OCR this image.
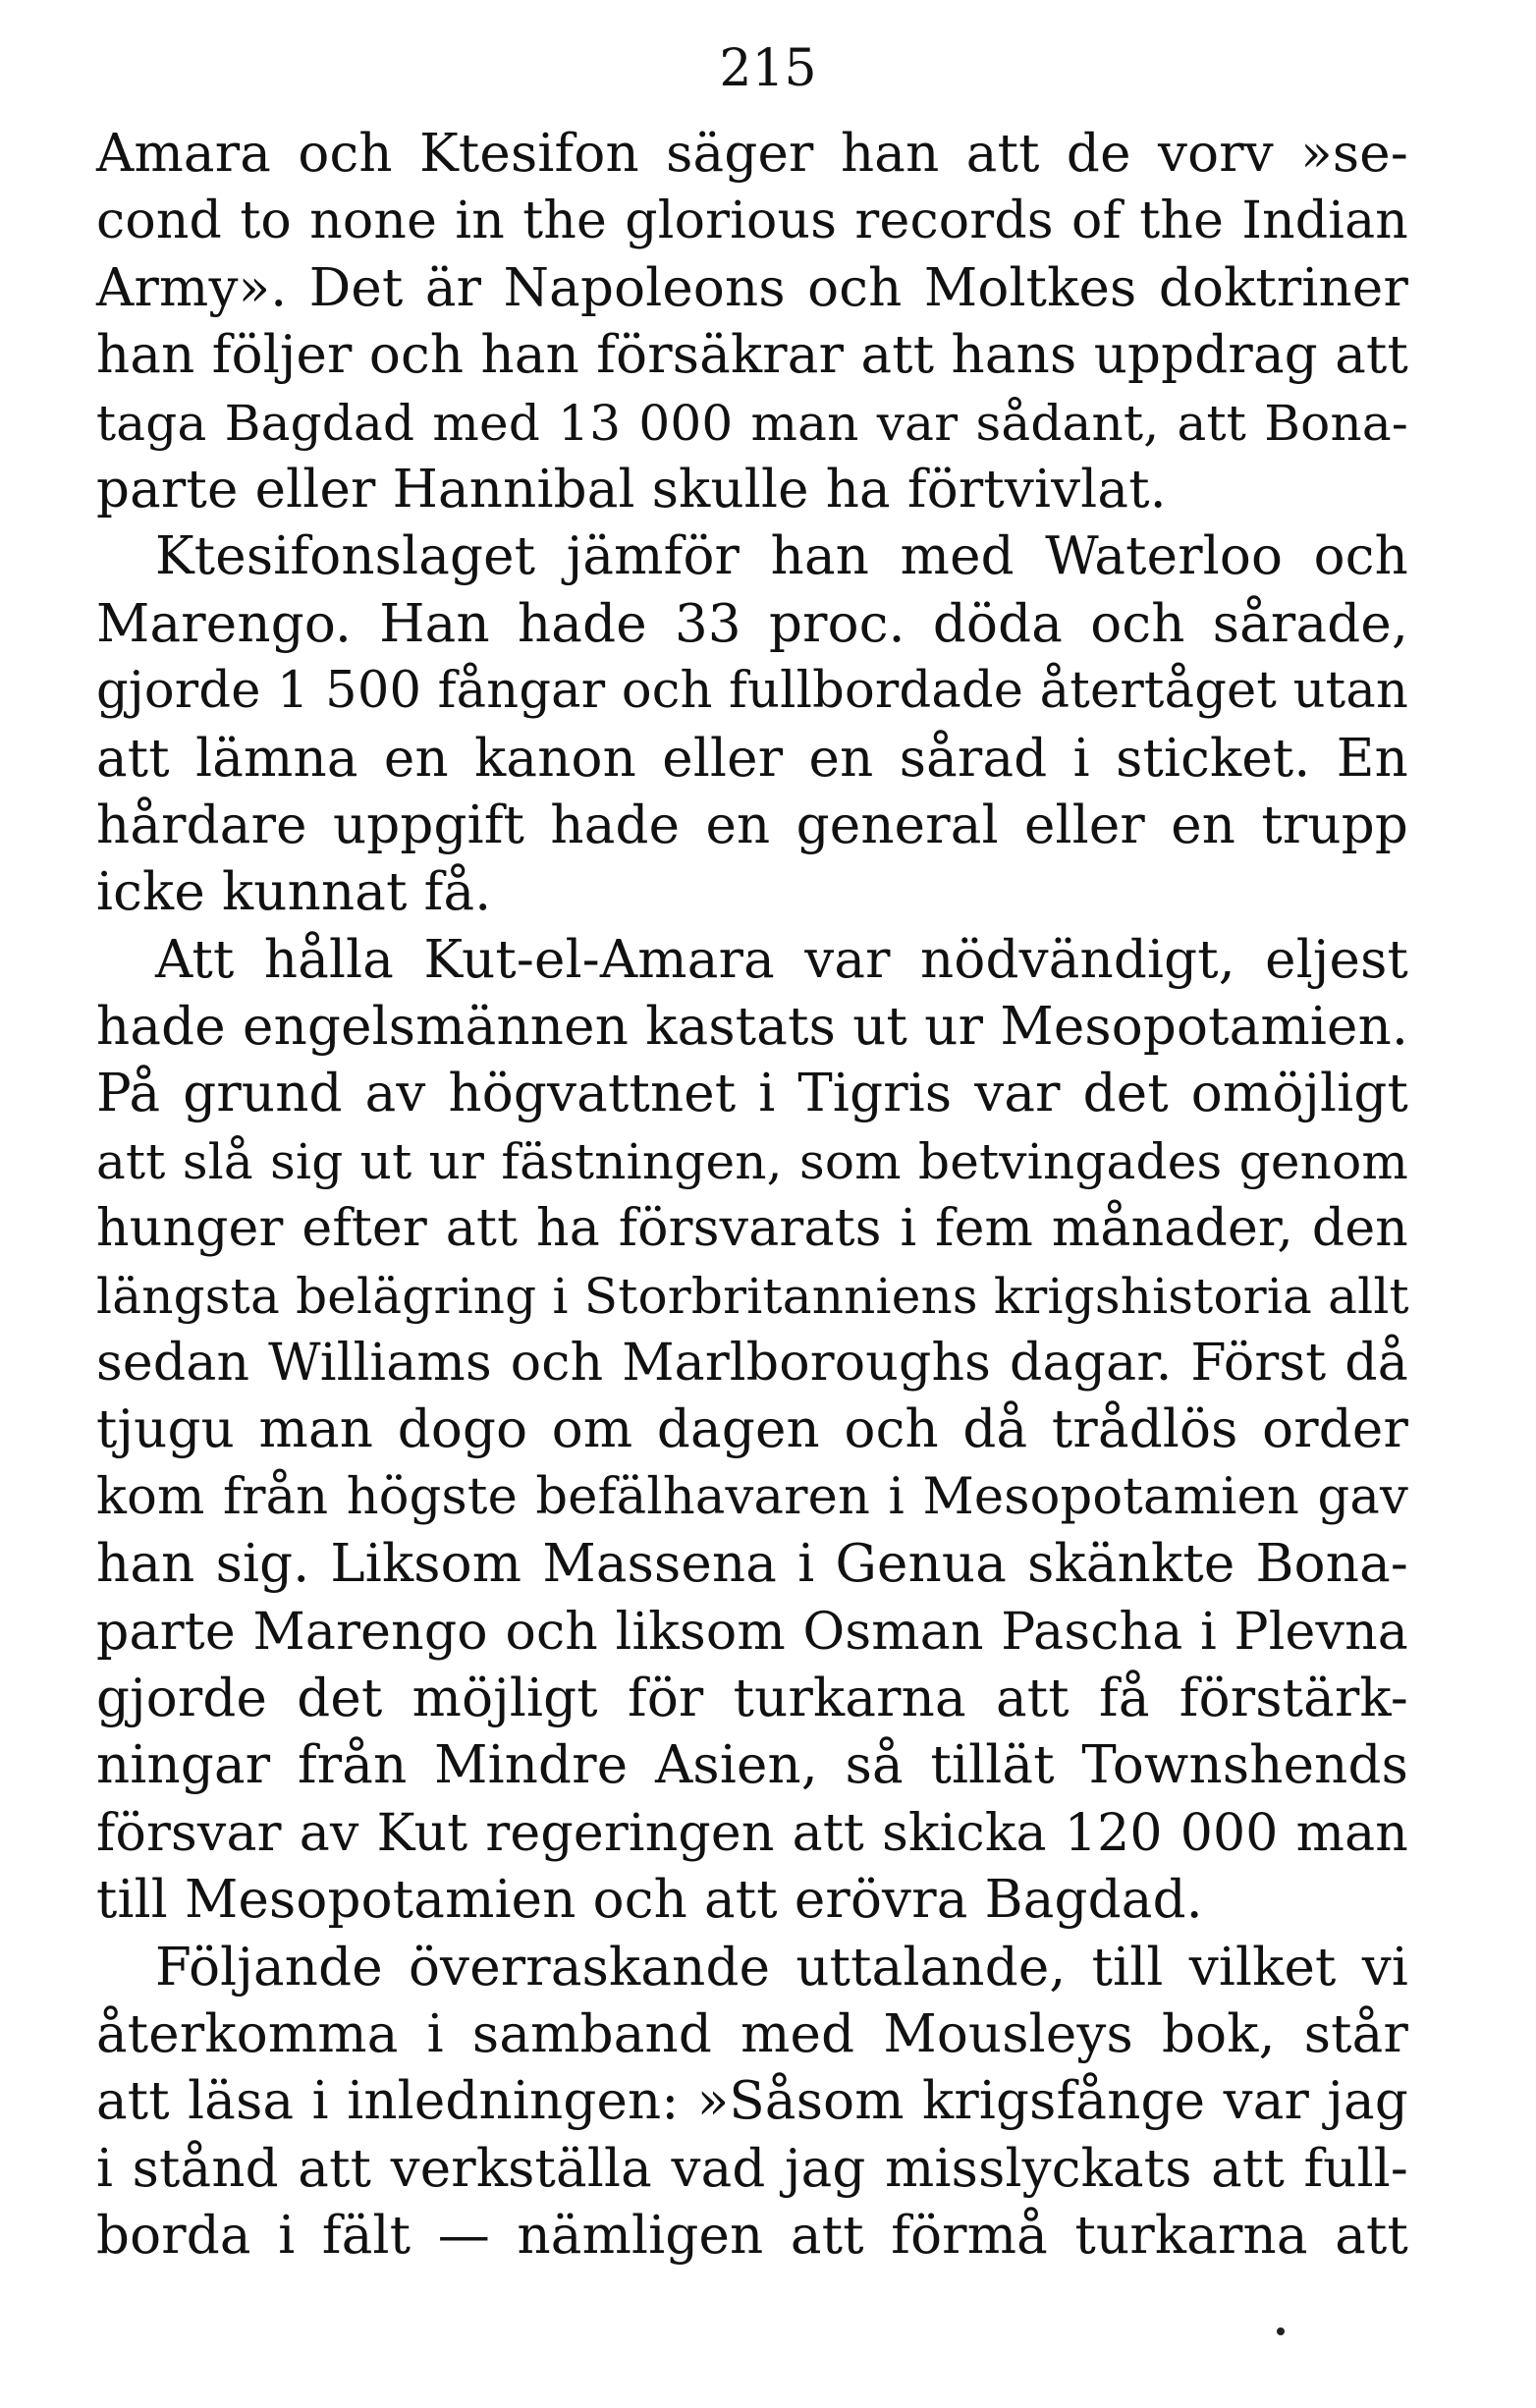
215
Amara och Ktesifon säger han att de vorv »se-
cond to none in the glorious records of the Indian
Army». Det är Napoleons och Moltkes doktriner
han följer och han försäkrar att hans uppdrag att
taga Bagdad med 13 000 man var sådant, att Bona-
parte eller Hannibal skulle ha förtvivlat.
Ktesifonslaget jämför han med Waterloo och
Marengo. Han hade 33 proc. döda och sårade,
gjorde 1 500 fångar och fullbordade återtåget utan
att lämna en kanon eller en sårad i sticket. En
hårdare uppgift hade en general eller en trupp
icke kunnat få.
Att hålla Kut-el-Amara var nödvändigt, eljest
hade engelsmännen kastats ut ur Mesopotamien.
På grund av högvattnet i Tigris var det omöjligt
att slå sig ut ur fästningen, som betvingades genom
hunger efter att ha försvarats i fem månader, den
längsta belägring i Storbritanniens krigshistoria allt
sedan Williams och Marlboroughs dagar. Först då
tjugu man dogo om dagen och då trådlös order
kom från högste befälhavaren i Mesopotamien gav
han sig. Liksom Massena i Genua skänkte Bona-
parte Marengo och liksom Osman Pascha i Plevna
gjorde det möjligt för turkarna att få förstärk-
ningar från Mindre Asien, så tillät Townshends
försvar av Kut regeringen att skicka 120 000 man
till Mesopotamien och att erövra Bagdad.
Följande överraskande uttalande, till vilket vi
återkomma i samband med Mousleys bok, står
att läsa i inledningen: »Såsom krigsfånge var jag
i stånd att verkställa vad jag misslyckats att full-
borda i fält — nämligen att förmå turkarna att
